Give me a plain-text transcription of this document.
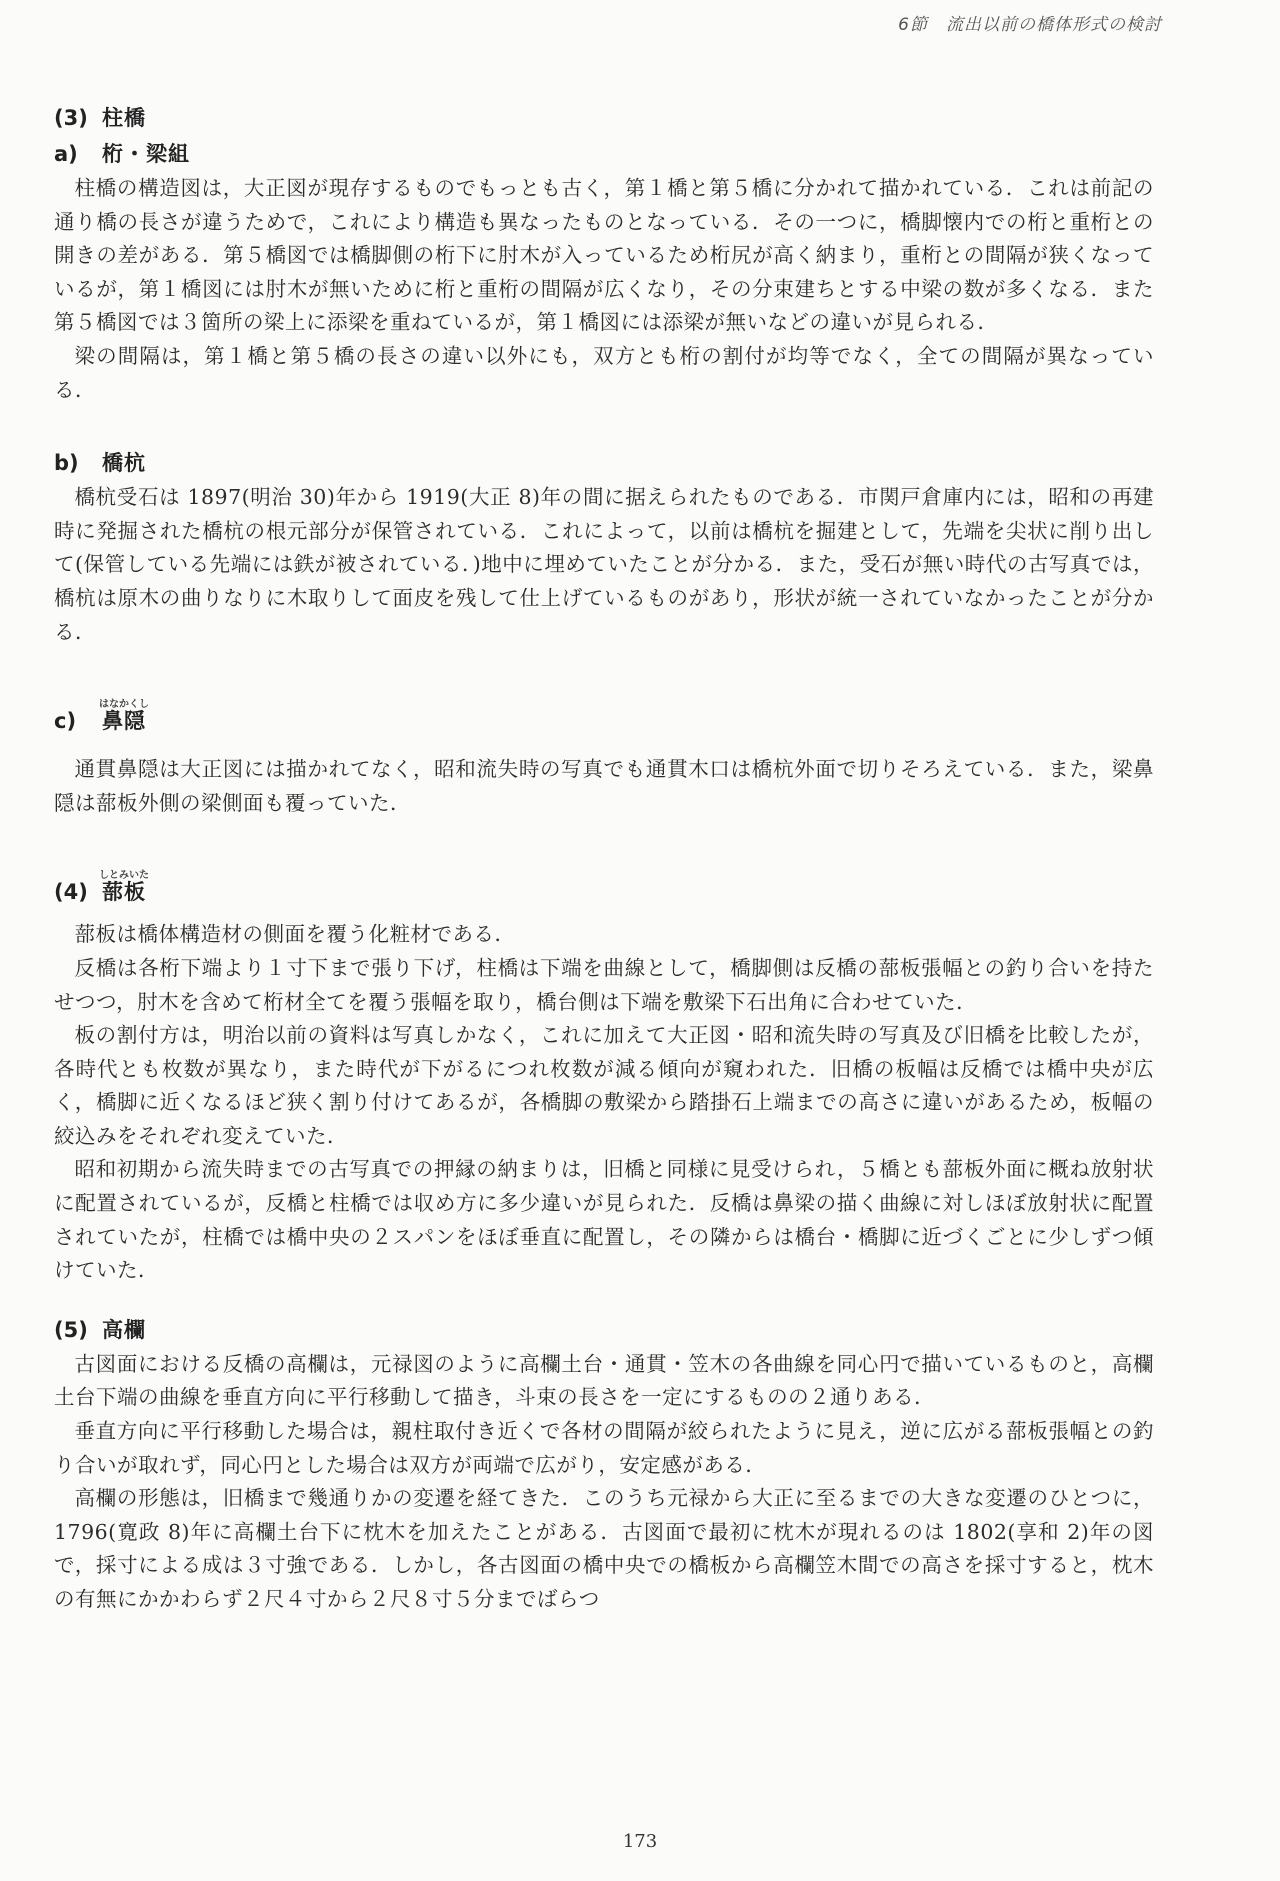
6節　流出以前の橋体形式の検討
(3) 柱橋
a)	桁・梁組

柱橋の構造図は，大正図が現存するものでもっとも古く，第１橋と第５橋に分かれて描かれている．これは前記の通り橋の長さが違うためで，これにより構造も異なったものとなっている．その一つに，橋脚懐内での桁と重桁との開きの差がある．第５橋図では橋脚側の桁下に肘木が入っているため桁尻が高く納まり，重桁との間隔が狭くなっているが，第１橋図には肘木が無いために桁と重桁の間隔が広くなり，その分束建ちとする中梁の数が多くなる．また第５橋図では３箇所の梁上に添梁を重ねているが，第１橋図には添梁が無いなどの違いが見られる．

梁の間隔は，第１橋と第５橋の長さの違い以外にも，双方とも桁の割付が均等でなく，全ての間隔が異なっている．

b)	橋杭

橋杭受石は 1897(明治 30)年から 1919(大正 8)年の間に据えられたものである．市関戸倉庫内には，昭和の再建時に発掘された橋杭の根元部分が保管されている．これによって，以前は橋杭を掘建として，先端を尖状に削り出して(保管している先端には鉄が被されている．)地中に埋めていたことが分かる．また，受石が無い時代の古写真では，橋杭は原木の曲りなりに木取りして面皮を残して仕上げているものがあり，形状が統一されていなかったことが分かる．

c)
はなかくし
鼻隠

通貫鼻隠は大正図には描かれてなく，昭和流失時の写真でも通貫木口は橋杭外面で切りそろえている．また，梁鼻隠は蔀板外側の梁側面も覆っていた．

(4)
しとみいた
蔀板

蔀板は橋体構造材の側面を覆う化粧材である．

反橋は各桁下端より１寸下まで張り下げ，柱橋は下端を曲線として，橋脚側は反橋の蔀板張幅との釣り合いを持たせつつ，肘木を含めて桁材全てを覆う張幅を取り，橋台側は下端を敷梁下石出角に合わせていた．

板の割付方は，明治以前の資料は写真しかなく，これに加えて大正図・昭和流失時の写真及び旧橋を比較したが，各時代とも枚数が異なり，また時代が下がるにつれ枚数が減る傾向が窺われた．旧橋の板幅は反橋では橋中央が広く，橋脚に近くなるほど狭く割り付けてあるが，各橋脚の敷梁から踏掛石上端までの高さに違いがあるため，板幅の絞込みをそれぞれ変えていた．

昭和初期から流失時までの古写真での押縁の納まりは，旧橋と同様に見受けられ，５橋とも蔀板外面に概ね放射状に配置されているが，反橋と柱橋では収め方に多少違いが見られた．反橋は鼻梁の描く曲線に対しほぼ放射状に配置されていたが，柱橋では橋中央の２スパンをほぼ垂直に配置し，その隣からは橋台・橋脚に近づくごとに少しずつ傾けていた．

(5) 高欄

古図面における反橋の高欄は，元禄図のように高欄土台・通貫・笠木の各曲線を同心円で描いているものと，高欄土台下端の曲線を垂直方向に平行移動して描き，斗束の長さを一定にするものの２通りある．

垂直方向に平行移動した場合は，親柱取付き近くで各材の間隔が絞られたように見え，逆に広がる蔀板張幅との釣り合いが取れず，同心円とした場合は双方が両端で広がり，安定感がある．

高欄の形態は，旧橋まで幾通りかの変遷を経てきた．このうち元禄から大正に至るまでの大きな変遷のひとつに，1796(寛政 8)年に高欄土台下に枕木を加えたことがある．古図面で最初に枕木が現れるのは 1802(享和 2)年の図で，採寸による成は３寸強である．しかし，各古図面の橋中央での橋板から高欄笠木間での高さを採寸すると，枕木の有無にかかわらず２尺４寸から２尺８寸５分までばらつ

173
